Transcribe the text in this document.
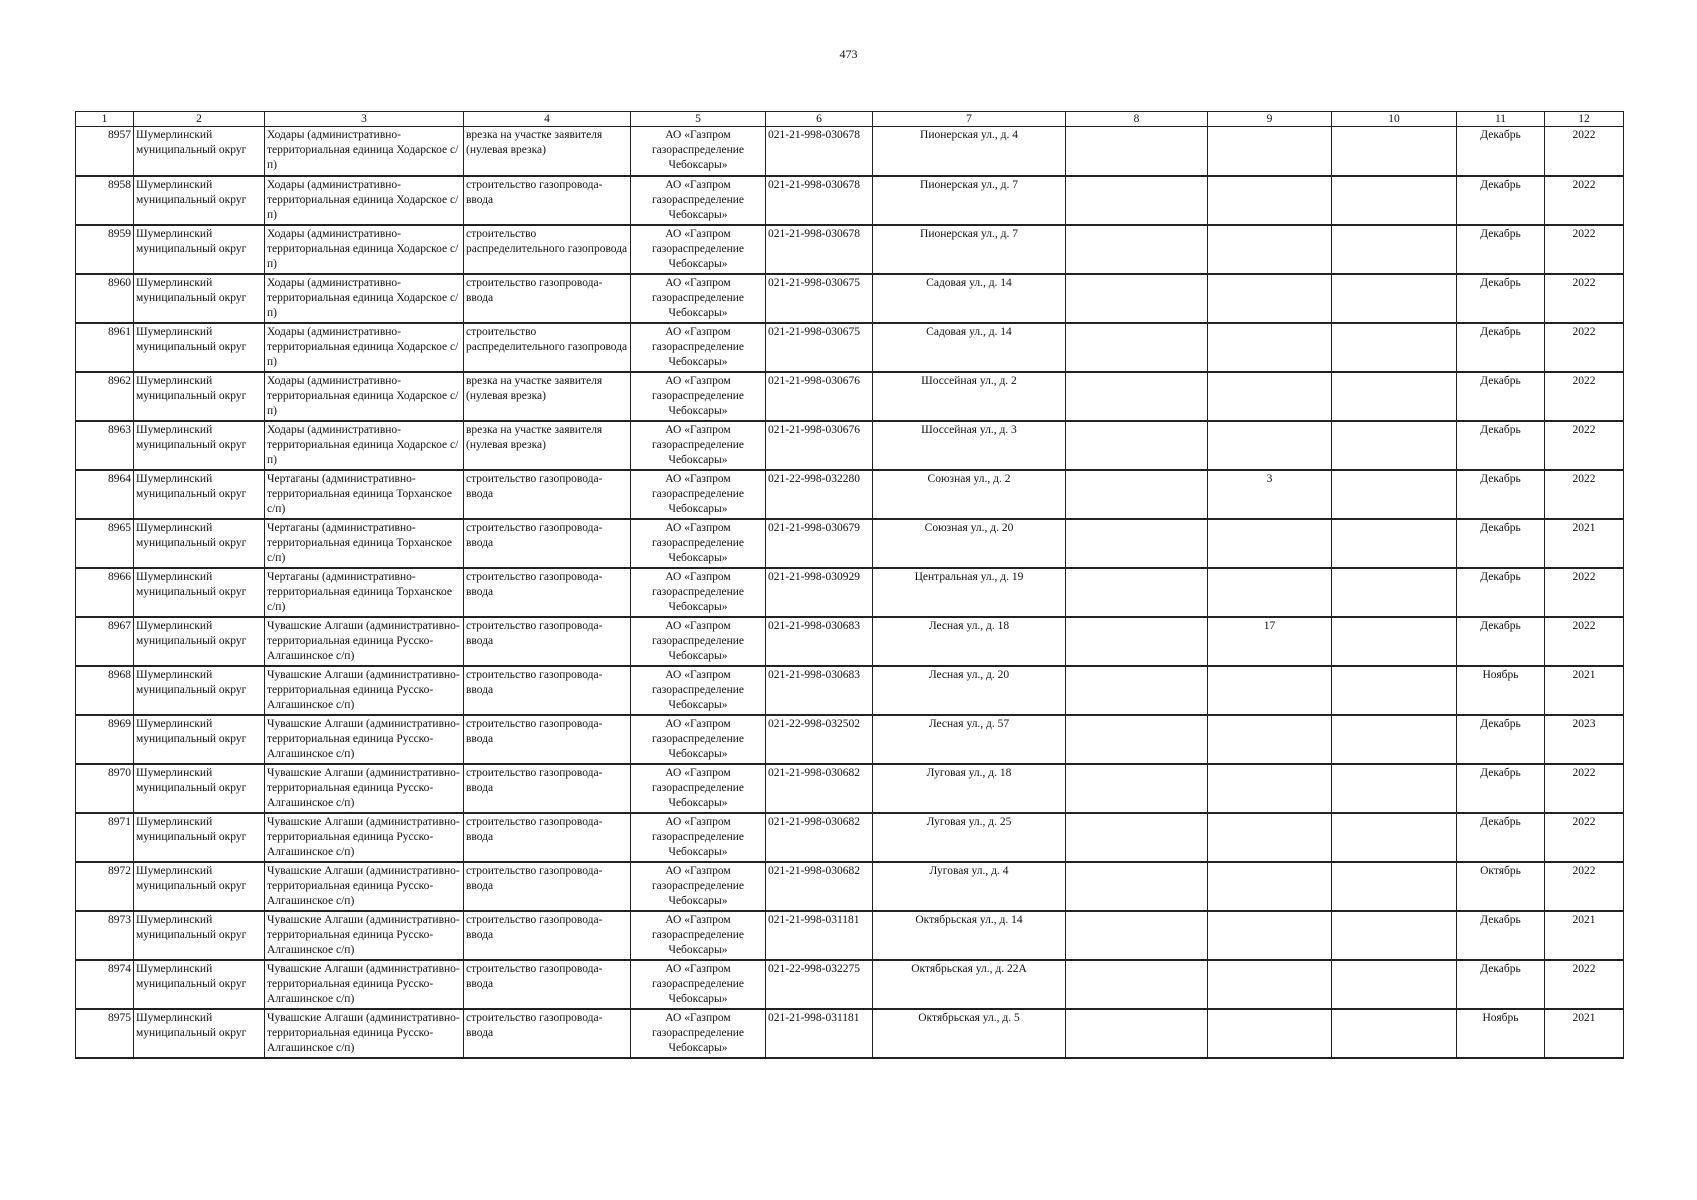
473
1	2	3	4	5	6	7	8	9	10	11	12
8957	Шумерлинский муниципальный округ	Ходары (административно-территориальная единица Ходарское с/п)	врезка на участке заявителя (нулевая врезка)	АО «Газпром газораспределение Чебоксары»	021-21-998-030678	Пионерская ул., д. 4				Декабрь	2022
8958	Шумерлинский муниципальный округ	Ходары (административно-территориальная единица Ходарское с/п)	строительство газопровода-ввода	АО «Газпром газораспределение Чебоксары»	021-21-998-030678	Пионерская ул., д. 7				Декабрь	2022
8959	Шумерлинский муниципальный округ	Ходары (административно-территориальная единица Ходарское с/п)	строительство распределительного газопровода	АО «Газпром газораспределение Чебоксары»	021-21-998-030678	Пионерская ул., д. 7				Декабрь	2022
8960	Шумерлинский муниципальный округ	Ходары (административно-территориальная единица Ходарское с/п)	строительство газопровода-ввода	АО «Газпром газораспределение Чебоксары»	021-21-998-030675	Садовая ул., д. 14				Декабрь	2022
8961	Шумерлинский муниципальный округ	Ходары (административно-территориальная единица Ходарское с/п)	строительство распределительного газопровода	АО «Газпром газораспределение Чебоксары»	021-21-998-030675	Садовая ул., д. 14				Декабрь	2022
8962	Шумерлинский муниципальный округ	Ходары (административно-территориальная единица Ходарское с/п)	врезка на участке заявителя (нулевая врезка)	АО «Газпром газораспределение Чебоксары»	021-21-998-030676	Шоссейная ул., д. 2				Декабрь	2022
8963	Шумерлинский муниципальный округ	Ходары (административно-территориальная единица Ходарское с/п)	врезка на участке заявителя (нулевая врезка)	АО «Газпром газораспределение Чебоксары»	021-21-998-030676	Шоссейная ул., д. 3				Декабрь	2022
8964	Шумерлинский муниципальный округ	Чертаганы (административно-территориальная единица Торханское с/п)	строительство газопровода-ввода	АО «Газпром газораспределение Чебоксары»	021-22-998-032280	Союзная ул., д. 2		3		Декабрь	2022
8965	Шумерлинский муниципальный округ	Чертаганы (административно-территориальная единица Торханское с/п)	строительство газопровода-ввода	АО «Газпром газораспределение Чебоксары»	021-21-998-030679	Союзная ул., д. 20				Декабрь	2021
8966	Шумерлинский муниципальный округ	Чертаганы (административно-территориальная единица Торханское с/п)	строительство газопровода-ввода	АО «Газпром газораспределение Чебоксары»	021-21-998-030929	Центральная ул., д. 19				Декабрь	2022
8967	Шумерлинский муниципальный округ	Чувашские Алгаши (административно-территориальная единица Русско-Алгашинское с/п)	строительство газопровода-ввода	АО «Газпром газораспределение Чебоксары»	021-21-998-030683	Лесная ул., д. 18		17		Декабрь	2022
8968	Шумерлинский муниципальный округ	Чувашские Алгаши (административно-территориальная единица Русско-Алгашинское с/п)	строительство газопровода-ввода	АО «Газпром газораспределение Чебоксары»	021-21-998-030683	Лесная ул., д. 20				Ноябрь	2021
8969	Шумерлинский муниципальный округ	Чувашские Алгаши (административно-территориальная единица Русско-Алгашинское с/п)	строительство газопровода-ввода	АО «Газпром газораспределение Чебоксары»	021-22-998-032502	Лесная ул., д. 57				Декабрь	2023
8970	Шумерлинский муниципальный округ	Чувашские Алгаши (административно-территориальная единица Русско-Алгашинское с/п)	строительство газопровода-ввода	АО «Газпром газораспределение Чебоксары»	021-21-998-030682	Луговая ул., д. 18				Декабрь	2022
8971	Шумерлинский муниципальный округ	Чувашские Алгаши (административно-территориальная единица Русско-Алгашинское с/п)	строительство газопровода-ввода	АО «Газпром газораспределение Чебоксары»	021-21-998-030682	Луговая ул., д. 25				Декабрь	2022
8972	Шумерлинский муниципальный округ	Чувашские Алгаши (административно-территориальная единица Русско-Алгашинское с/п)	строительство газопровода-ввода	АО «Газпром газораспределение Чебоксары»	021-21-998-030682	Луговая ул., д. 4				Октябрь	2022
8973	Шумерлинский муниципальный округ	Чувашские Алгаши (административно-территориальная единица Русско-Алгашинское с/п)	строительство газопровода-ввода	АО «Газпром газораспределение Чебоксары»	021-21-998-031181	Октябрьская ул., д. 14				Декабрь	2021
8974	Шумерлинский муниципальный округ	Чувашские Алгаши (административно-территориальная единица Русско-Алгашинское с/п)	строительство газопровода-ввода	АО «Газпром газораспределение Чебоксары»	021-22-998-032275	Октябрьская ул., д. 22А				Декабрь	2022
8975	Шумерлинский муниципальный округ	Чувашские Алгаши (административно-территориальная единица Русско-Алгашинское с/п)	строительство газопровода-ввода	АО «Газпром газораспределение Чебоксары»	021-21-998-031181	Октябрьская ул., д. 5				Ноябрь	2021
